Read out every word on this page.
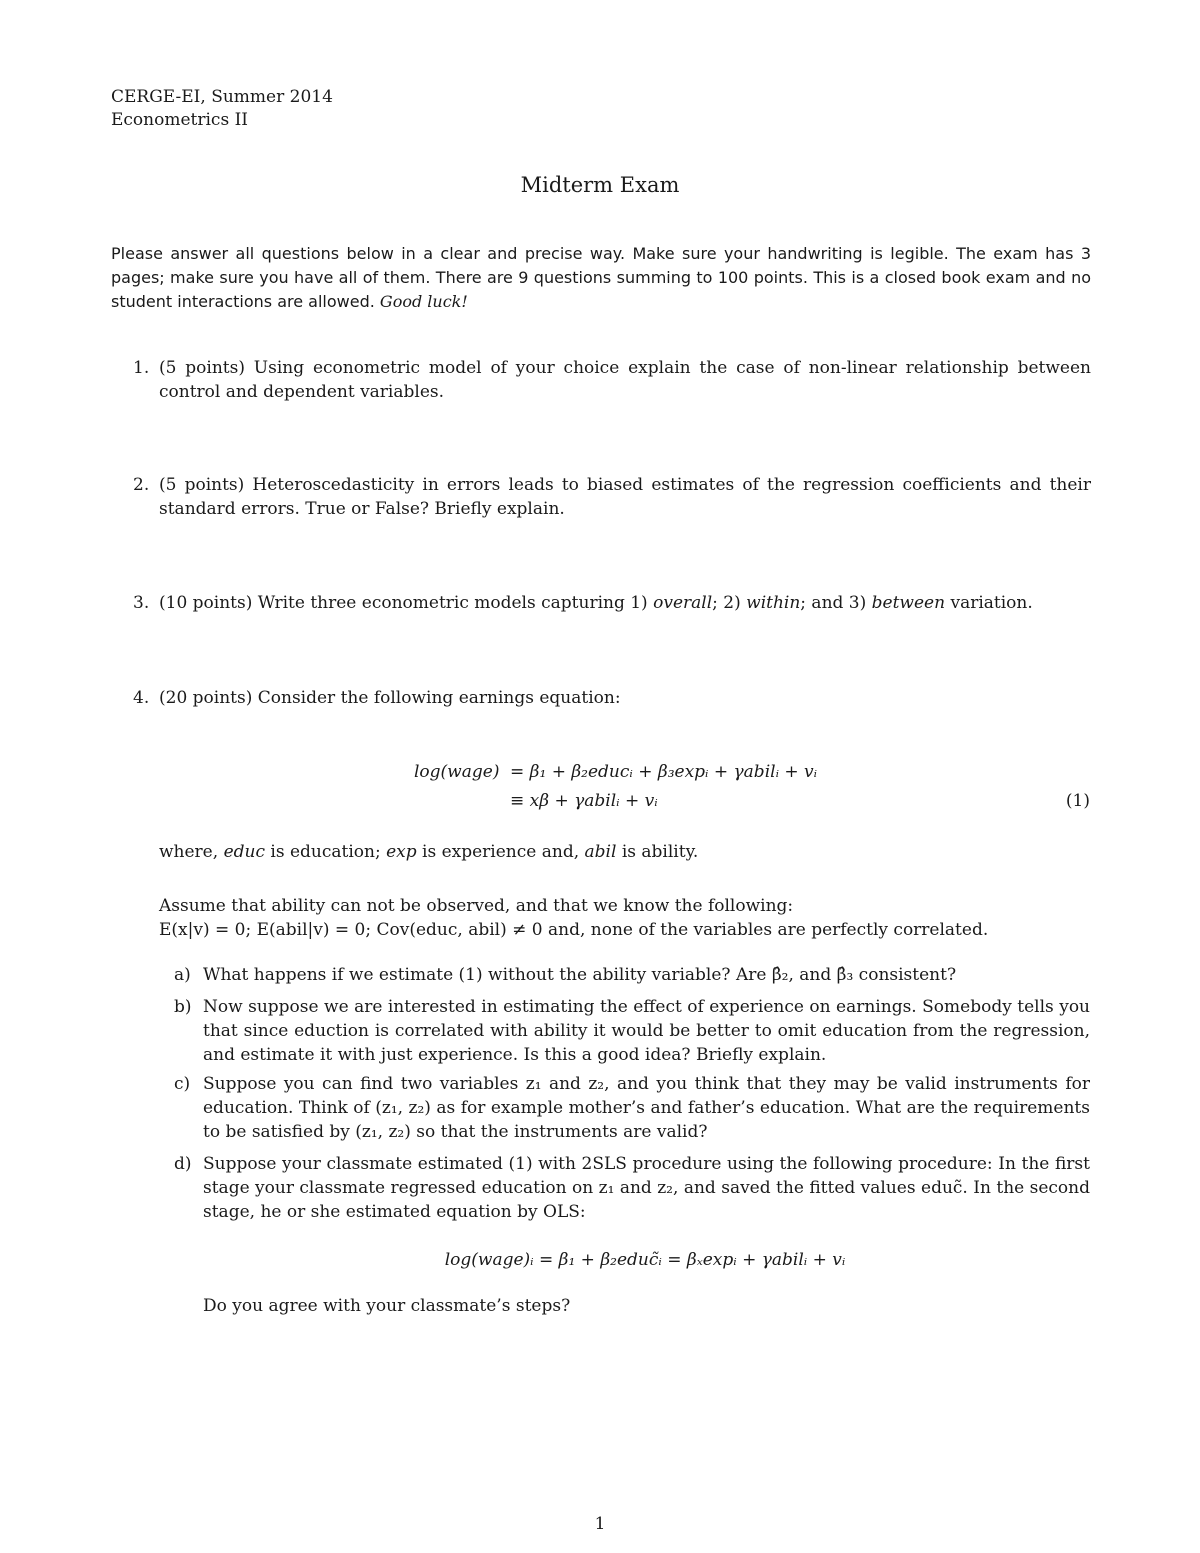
CERGE-EI, Summer 2014
Econometrics II
Midterm Exam
Please answer all questions below in a clear and precise way. Make sure your handwriting is legible. The exam has 3 pages; make sure you have all of them. There are 9 questions summing to 100 points. This is a closed book exam and no student interactions are allowed. Good luck!
1. (5 points) Using econometric model of your choice explain the case of non-linear relationship between control and dependent variables.
2. (5 points) Heteroscedasticity in errors leads to biased estimates of the regression coefficients and their standard errors. True or False? Briefly explain.
3. (10 points) Write three econometric models capturing 1) overall; 2) within; and 3) between variation.
4. (20 points) Consider the following earnings equation:
log(wage) = β₁ + β₂educᵢ + β₃expᵢ + γabilᵢ + vᵢ
≡ xβ + γabilᵢ + vᵢ	(1)
where, educ is education; exp is experience and, abil is ability.
Assume that ability can not be observed, and that we know the following:
E(x|v) = 0; E(abil|v) = 0; Cov(educ, abil) ≠ 0 and, none of the variables are perfectly correlated.
a) What happens if we estimate (1) without the ability variable? Are β̂₂, and β̂₃ consistent?
b) Now suppose we are interested in estimating the effect of experience on earnings. Somebody tells you that since eduction is correlated with ability it would be better to omit education from the regression, and estimate it with just experience. Is this a good idea? Briefly explain.
c) Suppose you can find two variables z₁ and z₂, and you think that they may be valid instruments for education. Think of (z₁, z₂) as for example mother’s and father’s education. What are the requirements to be satisfied by (z₁, z₂) so that the instruments are valid?
d) Suppose your classmate estimated (1) with 2SLS procedure using the following procedure: In the first stage your classmate regressed education on z₁ and z₂, and saved the fitted values educ̃. In the second stage, he or she estimated equation by OLS:
log(wage)ᵢ = β₁ + β₂educ̃ᵢ = βₓexpᵢ + γabilᵢ + vᵢ
Do you agree with your classmate’s steps?
1
